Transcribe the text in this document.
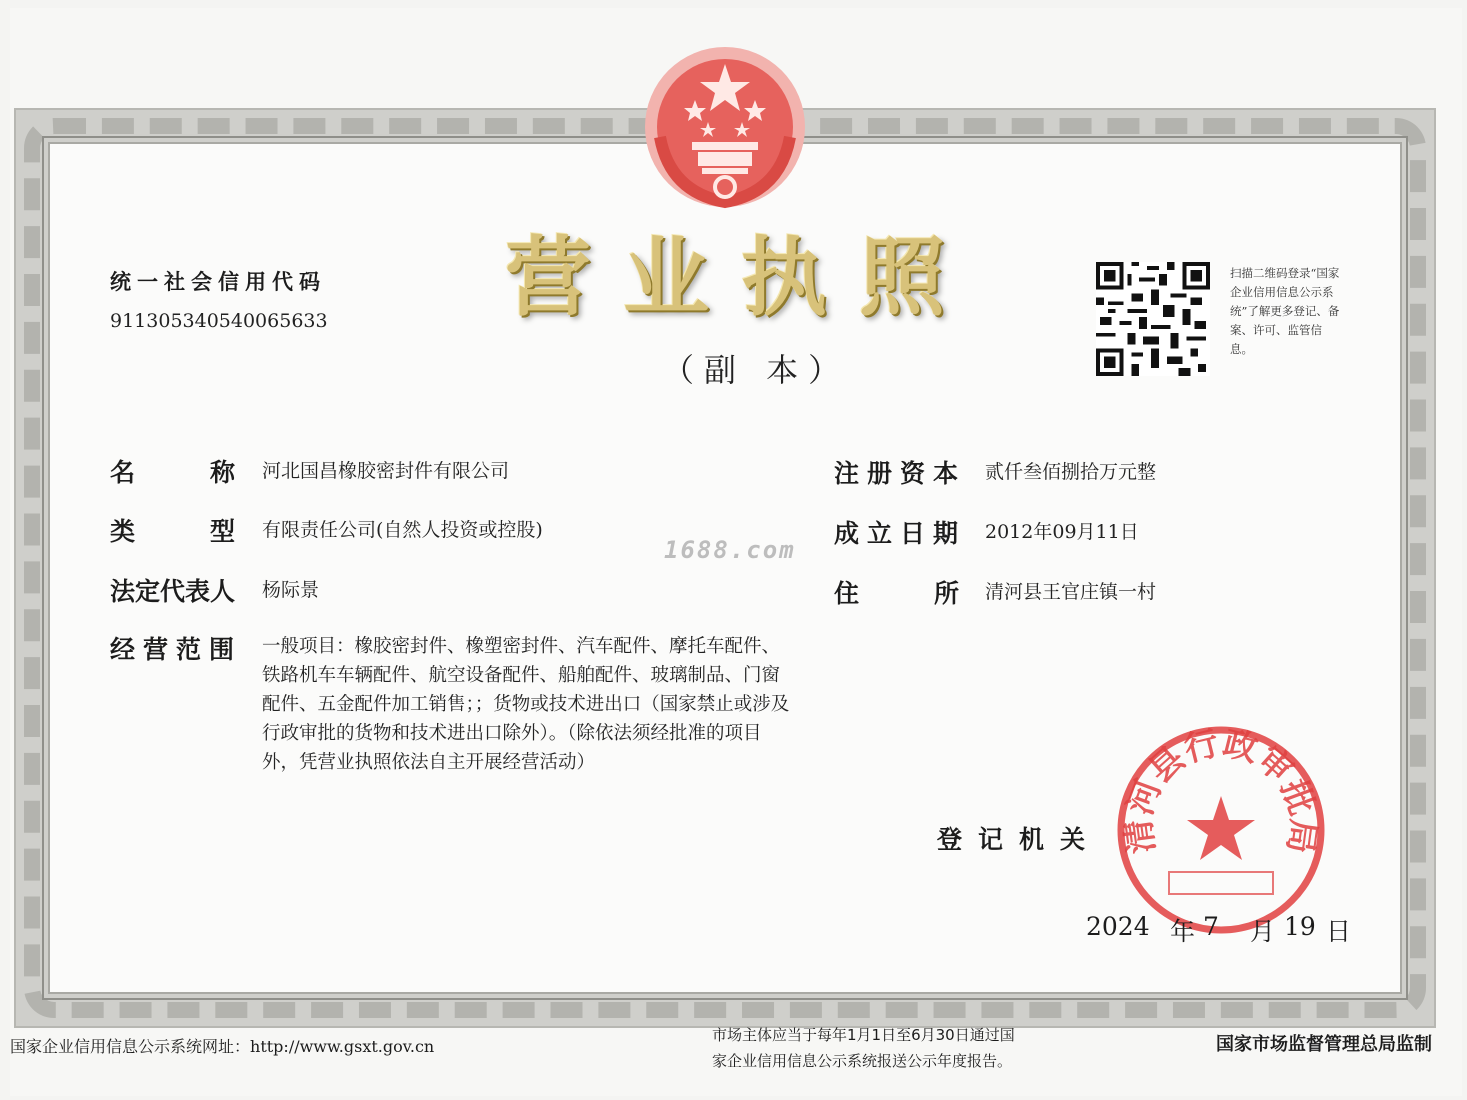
营 业 执 照
（副 本）
统一社会信用代码
911305340540065633
扫描二维码登录“国家企业信用信息公示系统”了解更多登记、备案、许可、监管信息。
1688.com
名　　　称 河北国昌橡胶密封件有限公司
类　　　型 有限责任公司(自然人投资或控股)
法定代表人 杨际景
经营范围 一般项目：橡胶密封件、橡塑密封件、汽车配件、摩托车配件、铁路机车车辆配件、航空设备配件、船舶配件、玻璃制品、门窗配件、五金配件加工销售；；货物或技术进出口（国家禁止或涉及行政审批的货物和技术进出口除外）。（除依法须经批准的项目外，凭营业执照依法自主开展经营活动）
注册资本 贰仟叁佰捌拾万元整
成立日期 2012年09月11日
住　　　所 清河县王官庄镇一村
登记机关 清河县行政审批局
2024 年 7 月 19 日
国家企业信用信息公示系统网址：http://www.gsxt.gov.cn
市场主体应当于每年1月1日至6月30日通过国
家企业信用信息公示系统报送公示年度报告。
国家市场监督管理总局监制
